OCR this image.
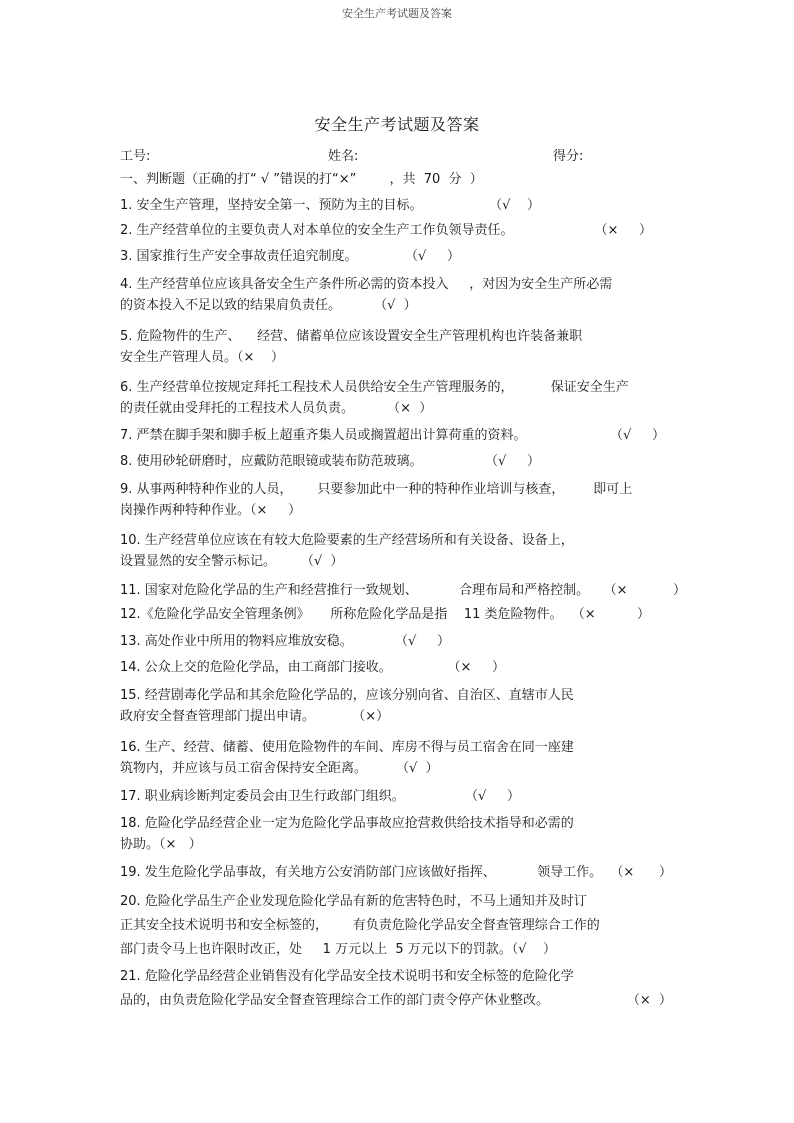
安全生产考试题及答案
安全生产考试题及答案
工号:	姓名:	得分:
一、判断题（正确的打“ √ ”错误的打“×”        ，共  70  分  ）
1. 安全生产管理，坚持安全第一、预防为主的目标。	（√    ）
2. 生产经营单位的主要负责人对本单位的安全生产工作负领导责任。	（×     ）
3. 国家推行生产安全事故责任追究制度。	（√     ）
4. 生产经营单位应该具备安全生产条件所必需的资本投入     ，对因为安全生产所必需
的资本投入不足以致的结果肩负责任。	（√  ）
5. 危险物件的生产、    经营、储蓄单位应该设置安全生产管理机构也许装备兼职
安全生产管理人员。（×    ）
6. 生产经营单位按规定拜托工程技术人员供给安全生产管理服务的，         保证安全生产
的责任就由受拜托的工程技术人员负责。	（×  ）
7. 严禁在脚手架和脚手板上超重齐集人员或搁置超出计算荷重的资料。	（√     ）
8. 使用砂轮研磨时，应戴防范眼镜或装布防范玻璃。	（√     ）
9. 从事两种特种作业的人员，      只要参加此中一种的特种作业培训与核查，       即可上
岗操作两种特种作业。（×     ）
10. 生产经营单位应该在有较大危险要素的生产经营场所和有关设备、设备上，
设置显然的安全警示标记。 （√  ）
11. 国家对危险化学品的生产和经营推行一致规划、          合理布局和严格控制。	（×           ）
12.《危险化学品安全管理条例》     所称危险化学品是指    11 类危险物件。 （×          ）
13. 高处作业中所用的物料应堆放安稳。	（√     ）
14. 公众上交的危险化学品，由工商部门接收。	（×     ）
15. 经营剧毒化学品和其余危险化学品的，应该分别向省、自治区、直辖市人民
政府安全督查管理部门提出申请。	（×）
16. 生产、经营、储蓄、使用危险物件的车间、库房不得与员工宿舍在同一座建
筑物内，并应该与员工宿舍保持安全距离。 （√  ）
17. 职业病诊断判定委员会由卫生行政部门组织。	（√     ）
18. 危险化学品经营企业一定为危险化学品事故应抢营救供给技术指导和必需的
协助。（×   ）
19. 发生危险化学品事故，有关地方公安消防部门应该做好指挥、          领导工作。 （×      ）
20. 危险化学品生产企业发现危险化学品有新的危害特色时，不马上通知并及时订
正其安全技术说明书和安全标签的，      有负责危险化学品安全督查管理综合工作的
部门责令马上也许限时改正，处     1 万元以上  5 万元以下的罚款。（√    ）
21. 危险化学品经营企业销售没有化学品安全技术说明书和安全标签的危险化学
品的，由负责危险化学品安全督查管理综合工作的部门责令停产休业整改。	（×  ）
